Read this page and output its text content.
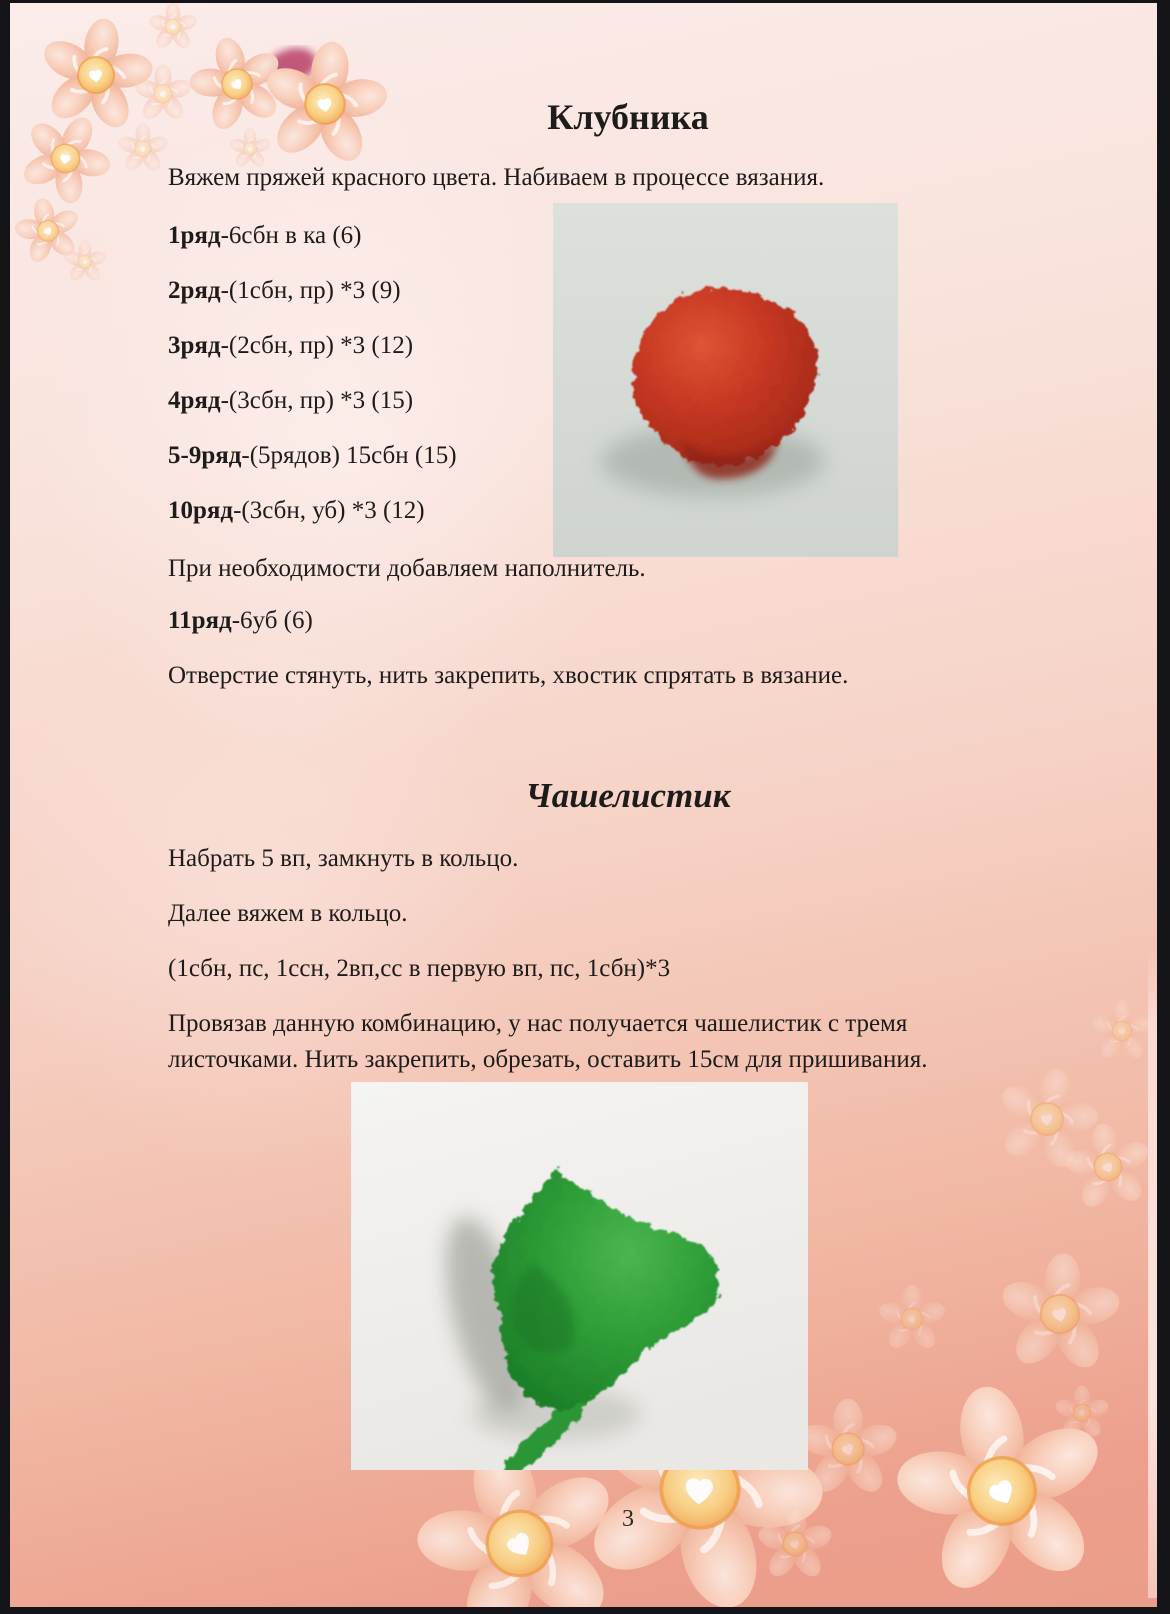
Клубника

Вяжем пряжей красного цвета. Набиваем в процессе вязания.

1ряд-6сбн в ка (6)

2ряд-(1сбн, пр) *3 (9)

3ряд-(2сбн, пр) *3 (12)

4ряд-(3сбн, пр) *3 (15)

5-9ряд-(5рядов) 15сбн (15)

10ряд-(3сбн, уб) *3 (12)

При необходимости добавляем наполнитель.

11ряд-6уб (6)

Отверстие стянуть, нить закрепить, хвостик спрятать в вязание.

Чашелистик

Набрать 5 вп, замкнуть в кольцо.

Далее вяжем в кольцо.

(1сбн, пс, 1ссн, 2вп,сс в первую вп, пс, 1сбн)*3

Провязав данную комбинацию, у нас получается чашелистик с тремя листочками. Нить закрепить, обрезать, оставить 15см для пришивания.

3
